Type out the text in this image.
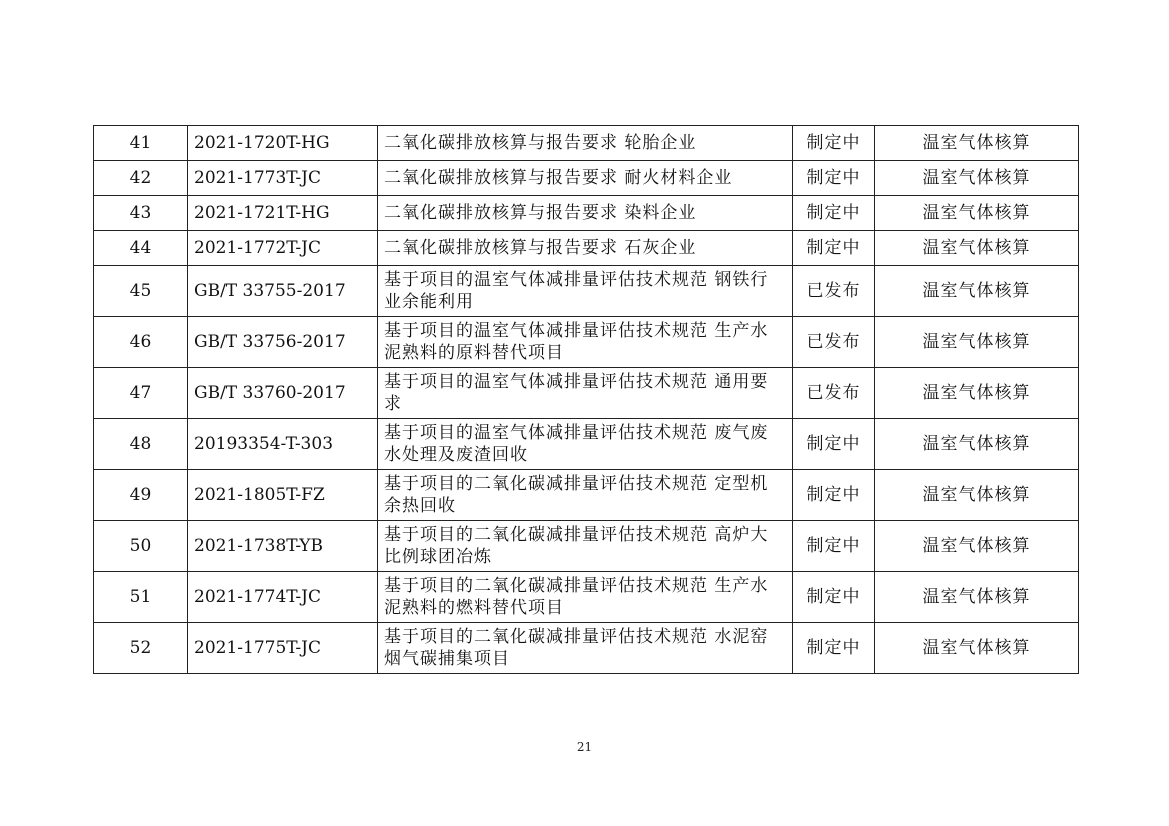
41	2021-1720T-HG	二氧化碳排放核算与报告要求 轮胎企业	制定中	温室气体核算
42	2021-1773T-JC	二氧化碳排放核算与报告要求 耐火材料企业	制定中	温室气体核算
43	2021-1721T-HG	二氧化碳排放核算与报告要求 染料企业	制定中	温室气体核算
44	2021-1772T-JC	二氧化碳排放核算与报告要求 石灰企业	制定中	温室气体核算
45	GB/T 33755-2017	基于项目的温室气体减排量评估技术规范 钢铁行业余能利用	已发布	温室气体核算
46	GB/T 33756-2017	基于项目的温室气体减排量评估技术规范 生产水泥熟料的原料替代项目	已发布	温室气体核算
47	GB/T 33760-2017	基于项目的温室气体减排量评估技术规范 通用要求	已发布	温室气体核算
48	20193354-T-303	基于项目的温室气体减排量评估技术规范 废气废水处理及废渣回收	制定中	温室气体核算
49	2021-1805T-FZ	基于项目的二氧化碳减排量评估技术规范 定型机余热回收	制定中	温室气体核算
50	2021-1738T-YB	基于项目的二氧化碳减排量评估技术规范 高炉大比例球团冶炼	制定中	温室气体核算
51	2021-1774T-JC	基于项目的二氧化碳减排量评估技术规范 生产水泥熟料的燃料替代项目	制定中	温室气体核算
52	2021-1775T-JC	基于项目的二氧化碳减排量评估技术规范 水泥窑烟气碳捕集项目	制定中	温室气体核算
21
